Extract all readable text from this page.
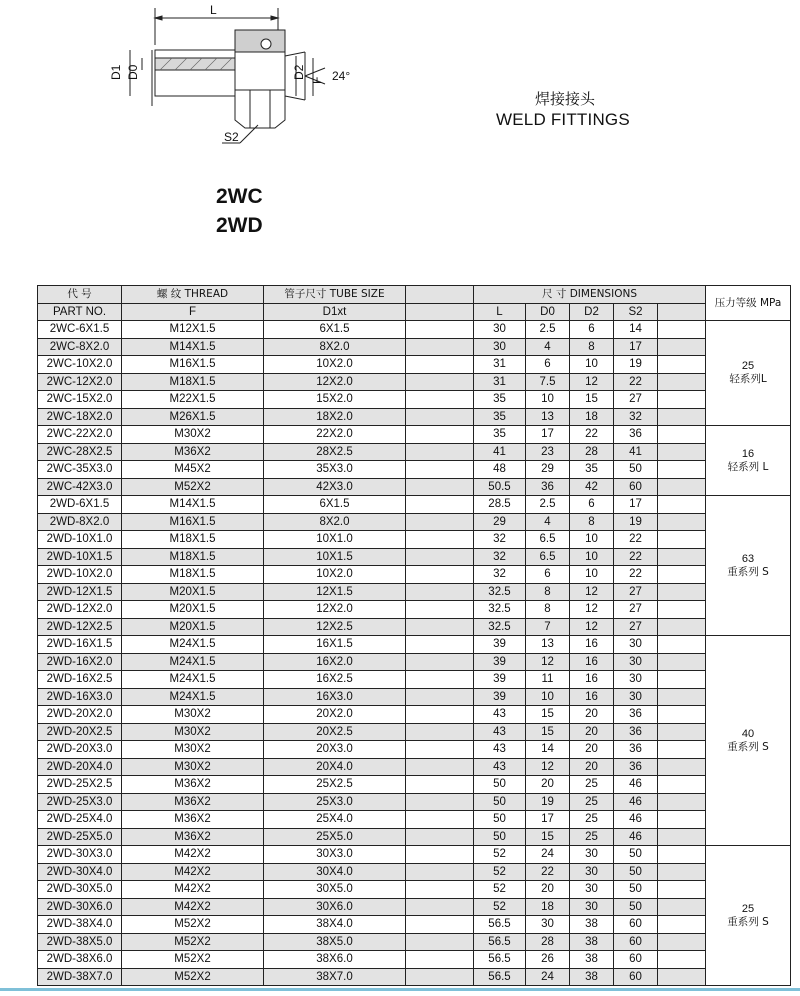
L
D1 D0	D2
F 24°
S2
焊接接头
WELD FITTINGS
2WC
2WD
代 号	螺 纹 THREAD	管子尺寸 TUBE SIZE		尺 寸 DIMENSIONS					压力等级 MPa
PART NO.	F	D1xt		L	D0	D2	S2		
2WC-6X1.5	M12X1.5	6X1.5		30	2.5	6	14		25
轻系列L

2WC-8X2.0	M14X1.5	8X2.0		30	4	8	17		
2WC-10X2.0	M16X1.5	10X2.0		31	6	10	19		
2WC-12X2.0	M18X1.5	12X2.0		31	7.5	12	22		
2WC-15X2.0	M22X1.5	15X2.0		35	10	15	27		
2WC-18X2.0	M26X1.5	18X2.0		35	13	18	32		
2WC-22X2.0	M30X2	22X2.0		35	17	22	36		16
轻系列 L

2WC-28X2.5	M36X2	28X2.5		41	23	28	41		
2WC-35X3.0	M45X2	35X3.0		48	29	35	50		
2WC-42X3.0	M52X2	42X3.0		50.5	36	42	60		
2WD-6X1.5	M14X1.5	6X1.5		28.5	2.5	6	17		63
重系列 S

2WD-8X2.0	M16X1.5	8X2.0		29	4	8	19		
2WD-10X1.0	M18X1.5	10X1.0		32	6.5	10	22		
2WD-10X1.5	M18X1.5	10X1.5		32	6.5	10	22		
2WD-10X2.0	M18X1.5	10X2.0		32	6	10	22		
2WD-12X1.5	M20X1.5	12X1.5		32.5	8	12	27		
2WD-12X2.0	M20X1.5	12X2.0		32.5	8	12	27		
2WD-12X2.5	M20X1.5	12X2.5		32.5	7	12	27		
2WD-16X1.5	M24X1.5	16X1.5		39	13	16	30		40
重系列 S

2WD-16X2.0	M24X1.5	16X2.0		39	12	16	30		
2WD-16X2.5	M24X1.5	16X2.5		39	11	16	30		
2WD-16X3.0	M24X1.5	16X3.0		39	10	16	30		
2WD-20X2.0	M30X2	20X2.0		43	15	20	36		
2WD-20X2.5	M30X2	20X2.5		43	15	20	36		
2WD-20X3.0	M30X2	20X3.0		43	14	20	36		
2WD-20X4.0	M30X2	20X4.0		43	12	20	36		
2WD-25X2.5	M36X2	25X2.5		50	20	25	46		
2WD-25X3.0	M36X2	25X3.0		50	19	25	46		
2WD-25X4.0	M36X2	25X4.0		50	17	25	46		
2WD-25X5.0	M36X2	25X5.0		50	15	25	46		
2WD-30X3.0	M42X2	30X3.0		52	24	30	50		25
重系列 S

2WD-30X4.0	M42X2	30X4.0		52	22	30	50		
2WD-30X5.0	M42X2	30X5.0		52	20	30	50		
2WD-30X6.0	M42X2	30X6.0		52	18	30	50		
2WD-38X4.0	M52X2	38X4.0		56.5	30	38	60		
2WD-38X5.0	M52X2	38X5.0		56.5	28	38	60		
2WD-38X6.0	M52X2	38X6.0		56.5	26	38	60		
2WD-38X7.0	M52X2	38X7.0		56.5	24	38	60		
